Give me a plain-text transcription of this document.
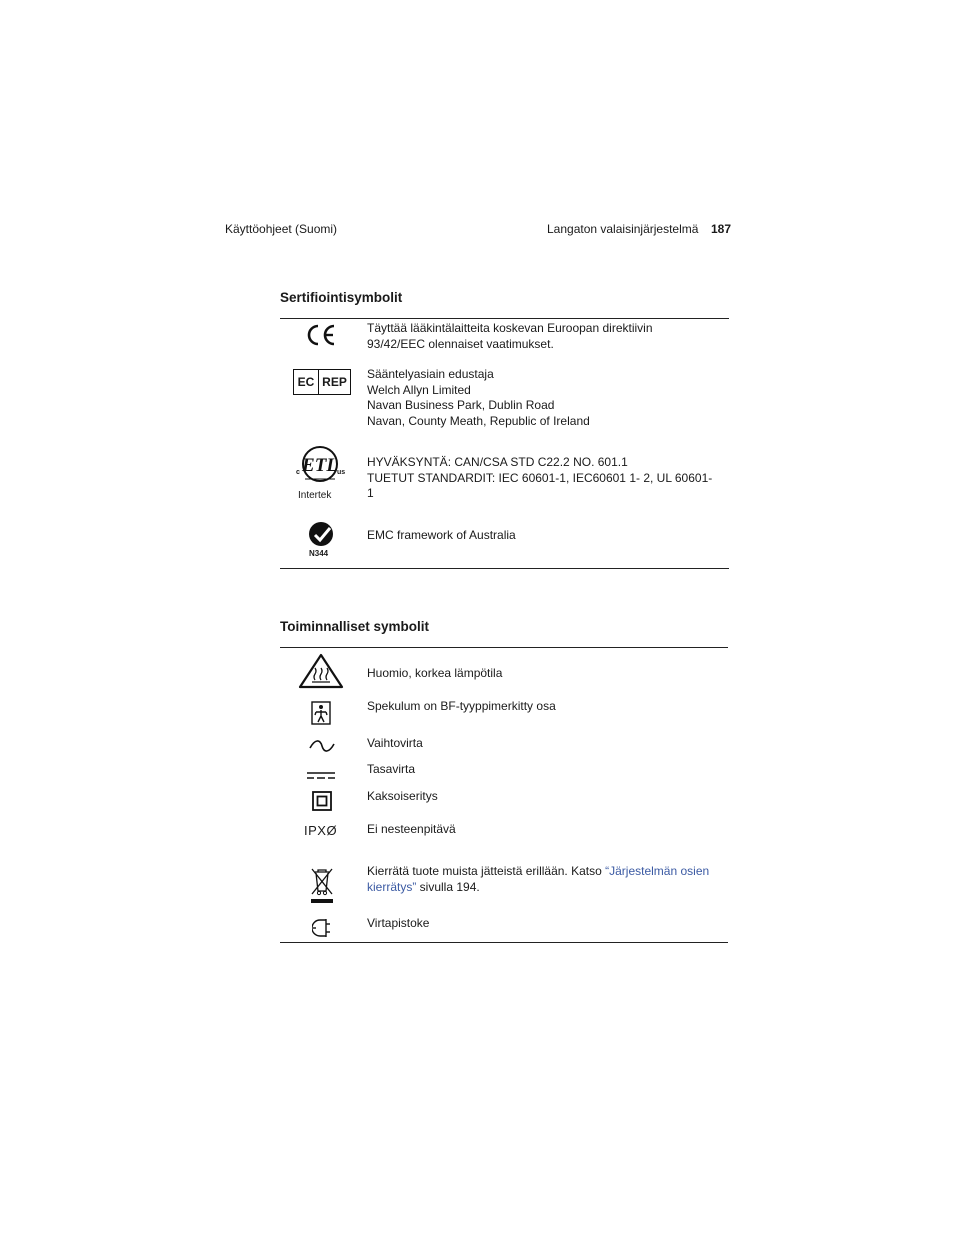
Käyttöohjeet (Suomi)	Langaton valaisinjärjestelmä 187
Sertifiointisymbolit
Täyttää lääkintälaitteita koskevan Euroopan direktiivin
93/42/EEC olennaiset vaatimukset.
EC REP
Sääntelyasiain edustaja
Welch Allyn Limited
Navan Business Park, Dublin Road
Navan, County Meath, Republic of Ireland
ETL
c	us
Intertek
HYVÄKSYNTÄ: CAN/CSA STD C22.2 NO. 601.1
TUETUT STANDARDIT: IEC 60601-1, IEC60601 1- 2, UL 60601-1
N344
EMC framework of Australia
Toiminnalliset symbolit
Huomio, korkea lämpötila
Spekulum on BF-tyyppimerkitty osa
Vaihtovirta
Tasavirta
Kaksoiseritys
IPXØ Ei nesteenpitävä
Kierrätä tuote muista jätteistä erillään. Katso “Järjestelmän osien kierrätys” sivulla 194.
Virtapistoke
